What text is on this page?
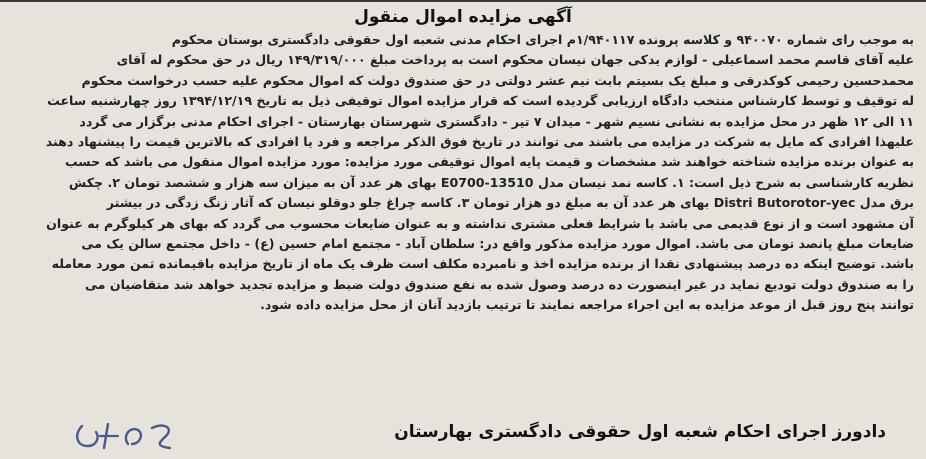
آگهی مزایده اموال منقول
به موجب رای شماره ۹۴۰۰۷۰ و کلاسه پرونده ۱/۹۴۰۱۱۷م اجرای احکام مدنی شعبه اول حقوقی دادگستری بوستان محکوم
علیه آقای قاسم محمد اسماعیلی - لوازم یدکی جهان نیسان محکوم است به پرداخت مبلغ ۱۴۹/۳۱۹/۰۰۰ ریال در حق محکوم له آقای
محمدحسین رحیمی کوکدرقی و مبلغ یک بسیتم بابت نیم عشر دولتی در حق صندوق دولت که اموال محکوم علیه حسب درخواست محکوم
له توقیف و توسط کارشناس منتخب دادگاه ارزیابی گردیده است که قرار مزایده اموال توقیفی ذیل به تاریخ ۱۳۹۴/۱۲/۱۹ روز چهارشنبه ساعت
۱۱ الی ۱۲ ظهر در محل مزایده به نشانی نسیم شهر - میدان ۷ تیر - دادگستری شهرستان بهارستان - اجرای احکام مدنی برگزار می گردد
علیهذا افرادی که مایل به شرکت در مزایده می باشند می توانند در تاریخ فوق الذکر مراجعه و فرد یا افرادی که بالاترین قیمت را پیشنهاد دهند
به عنوان برنده مزایده شناخته خواهند شد مشخصات و قیمت پایه اموال توقیفی مورد مزایده: مورد مزایده اموال منقول می باشد که حسب
نظریه کارشناسی به شرح ذیل است: ۱. کاسه نمد نیسان مدل E0700-13510 بهای هر عدد آن به میزان سه هزار و ششصد تومان ۲. چکش
برق مدل Distri Butorotor-yec بهای هر عدد آن به مبلغ دو هزار تومان ۳. کاسه چراغ جلو دوقلو نیسان که آثار زنگ زدگی در بیشتر
آن مشهود است و از نوع قدیمی می باشد با شرایط فعلی مشتری نداشته و به عنوان ضایعات محسوب می گردد که بهای هر کیلوگرم به عنوان
ضایعات مبلغ پانصد تومان می باشد. اموال مورد مزایده مذکور واقع در: سلطان آباد - مجتمع امام حسین (ع) - داخل مجتمع سالن یک می
باشد. توضیح اینکه ده درصد پیشنهادی نقدا از برنده مزایده اخذ و نامبرده مکلف است ظرف یک ماه از تاریخ مزایده باقیمانده ثمن مورد معامله
را به صندوق دولت تودیع نماید در غیر اینصورت ده درصد وصول شده به نفع صندوق دولت ضبط و مزایده تجدید خواهد شد متقاضیان می
توانند پنج روز قبل از موعد مزایده به این اجراء مراجعه نمایند تا ترتیب بازدید آنان از محل مزایده داده شود.
دادورز اجرای احکام شعبه اول حقوقی دادگستری بهارستان
